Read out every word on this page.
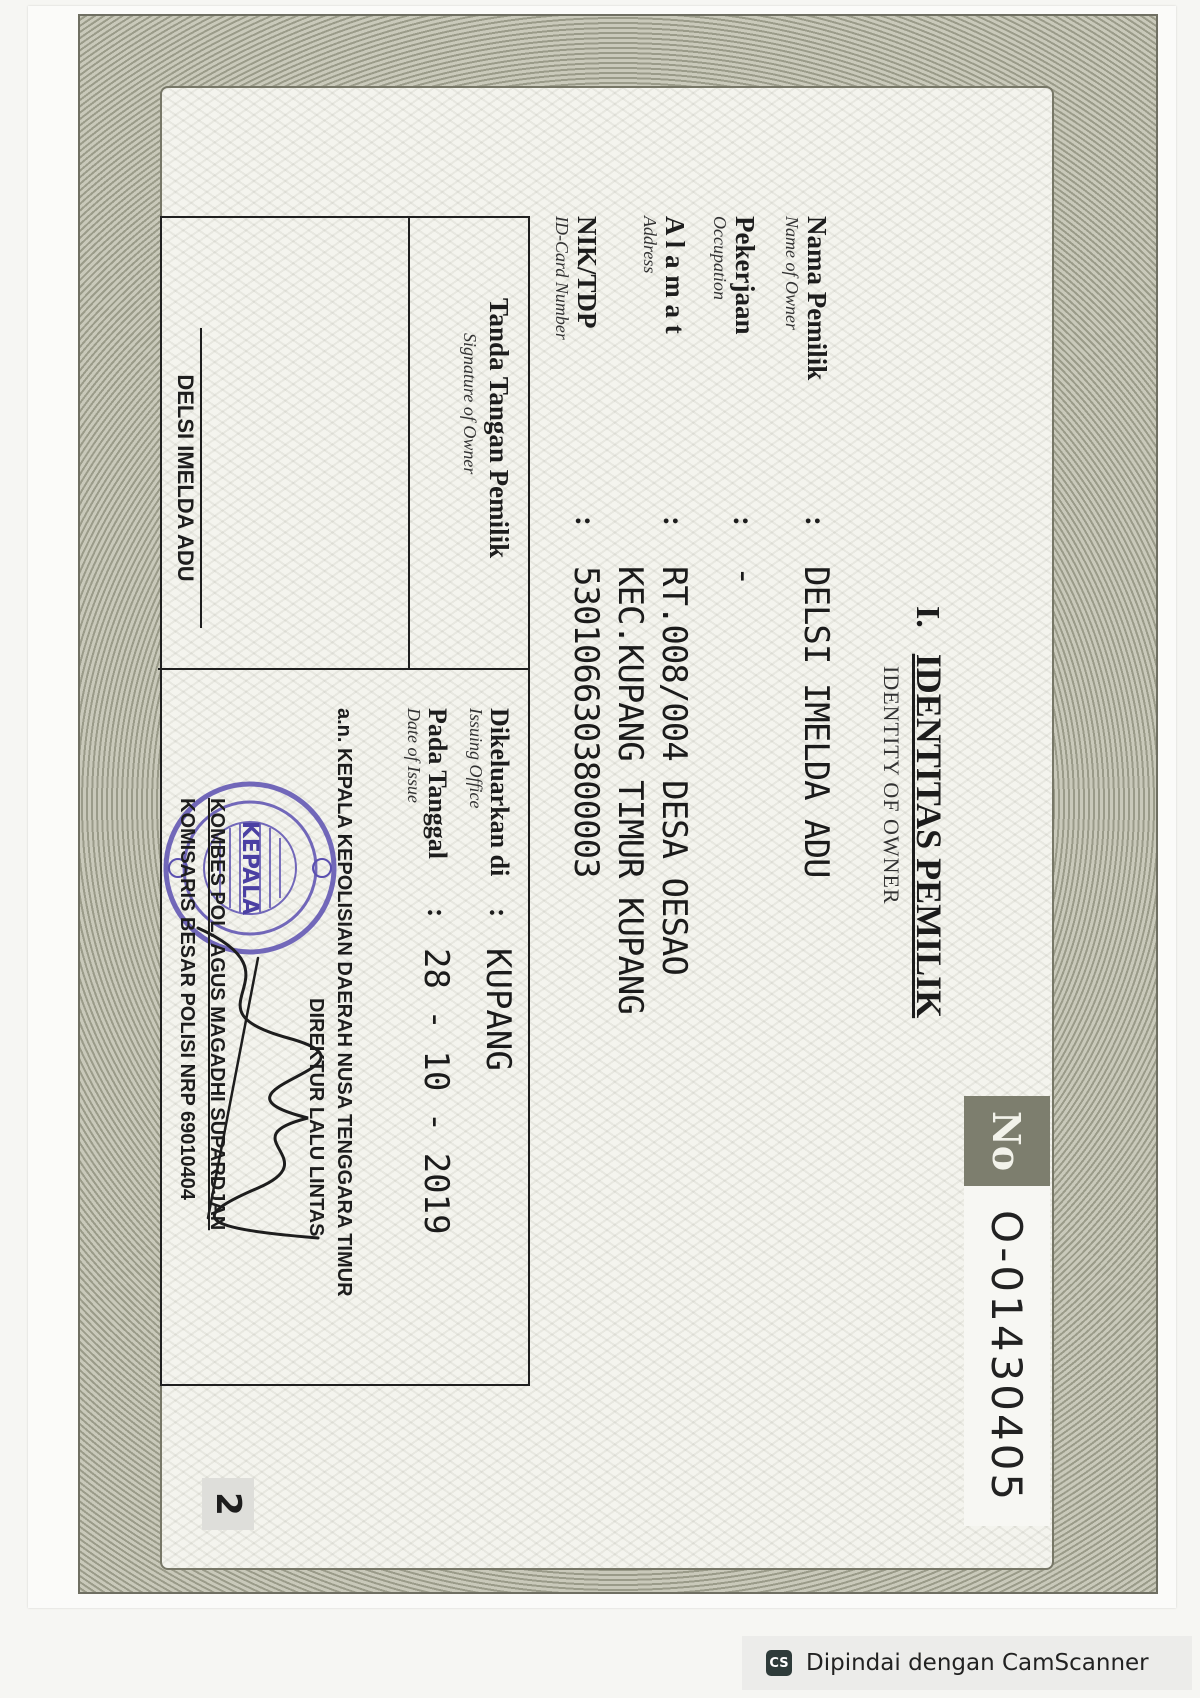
No
O-01430405
I. IDENTITAS PEMILIK
IDENTITY OF OWNER
Nama Pemilik
Name of Owner
:
DELSI IMELDA ADU
Pekerjaan
Occupation
:
-
A l a m a t
Address
:
RT.008/004 DESA OESAO
KEC.KUPANG TIMUR KUPANG
Tanda Tangan Pemilik
Signature of Owner
DELSI IMELDA ADU
Dikeluarkan di
Issuing Office
:
KUPANG
Pada Tanggal
Date of Issue
:
28 - 10 - 2019
a.n. KEPALA KEPOLISIAN DAERAH NUSA TENGGARA TIMUR
DIREKTUR LALU LINTAS
KEPALA
KOMBES POL. AGUS MAGADHI SUPARDJAN
KOMISARIS BESAR POLISI NRP 69010404
2
NIK/TDP
ID-Card Number
:
5301066303800003
CS Dipindai dengan CamScanner
